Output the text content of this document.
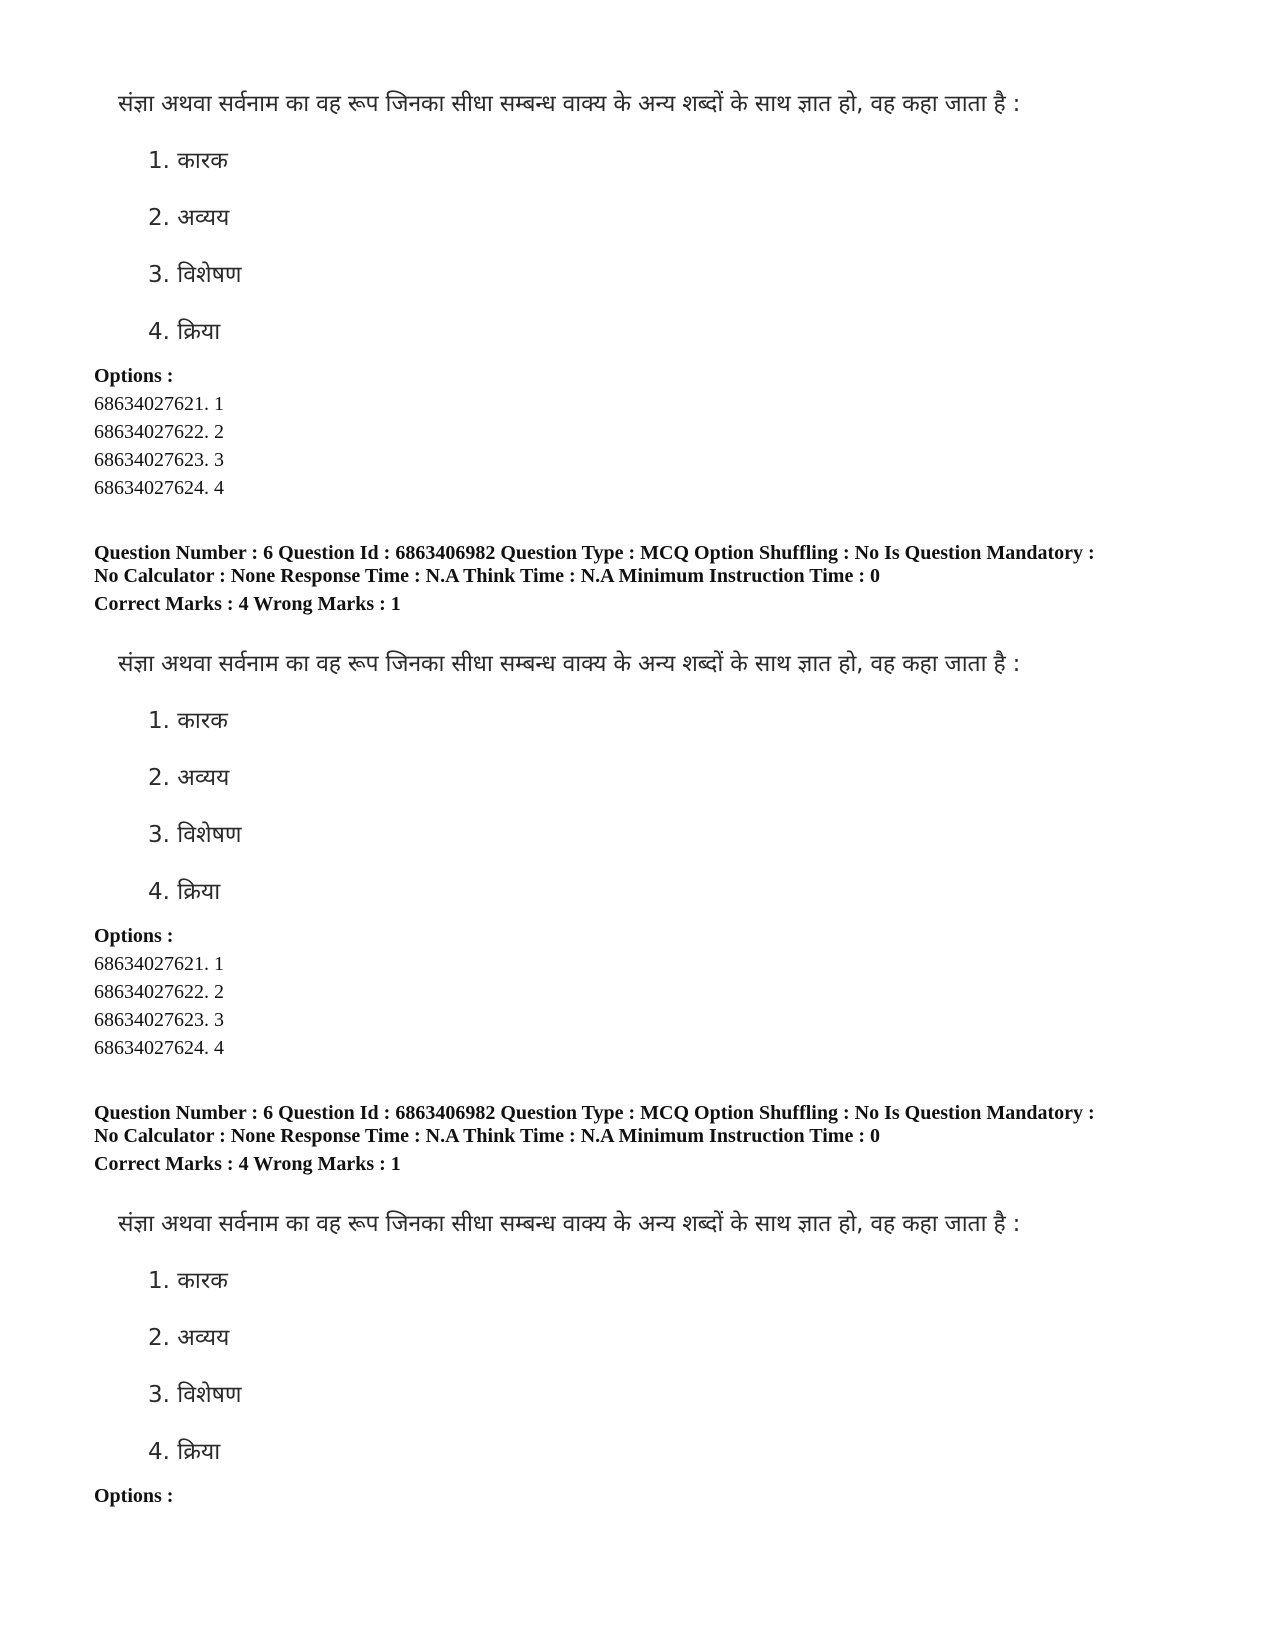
संज्ञा अथवा सर्वनाम का वह रूप जिनका सीधा सम्बन्ध वाक्य के अन्य शब्दों के साथ ज्ञात हो, वह कहा जाता है :
1. कारक
2. अव्यय
3. विशेषण
4. क्रिया
Options :
68634027621. 1
68634027622. 2
68634027623. 3
68634027624. 4
Question Number : 6 Question Id : 6863406982 Question Type : MCQ Option Shuffling : No Is Question Mandatory :
No Calculator : None Response Time : N.A Think Time : N.A Minimum Instruction Time : 0
Correct Marks : 4 Wrong Marks : 1
संज्ञा अथवा सर्वनाम का वह रूप जिनका सीधा सम्बन्ध वाक्य के अन्य शब्दों के साथ ज्ञात हो, वह कहा जाता है :
1. कारक
2. अव्यय
3. विशेषण
4. क्रिया
Options :
68634027621. 1
68634027622. 2
68634027623. 3
68634027624. 4
Question Number : 6 Question Id : 6863406982 Question Type : MCQ Option Shuffling : No Is Question Mandatory :
No Calculator : None Response Time : N.A Think Time : N.A Minimum Instruction Time : 0
Correct Marks : 4 Wrong Marks : 1
संज्ञा अथवा सर्वनाम का वह रूप जिनका सीधा सम्बन्ध वाक्य के अन्य शब्दों के साथ ज्ञात हो, वह कहा जाता है :
1. कारक
2. अव्यय
3. विशेषण
4. क्रिया
Options :
